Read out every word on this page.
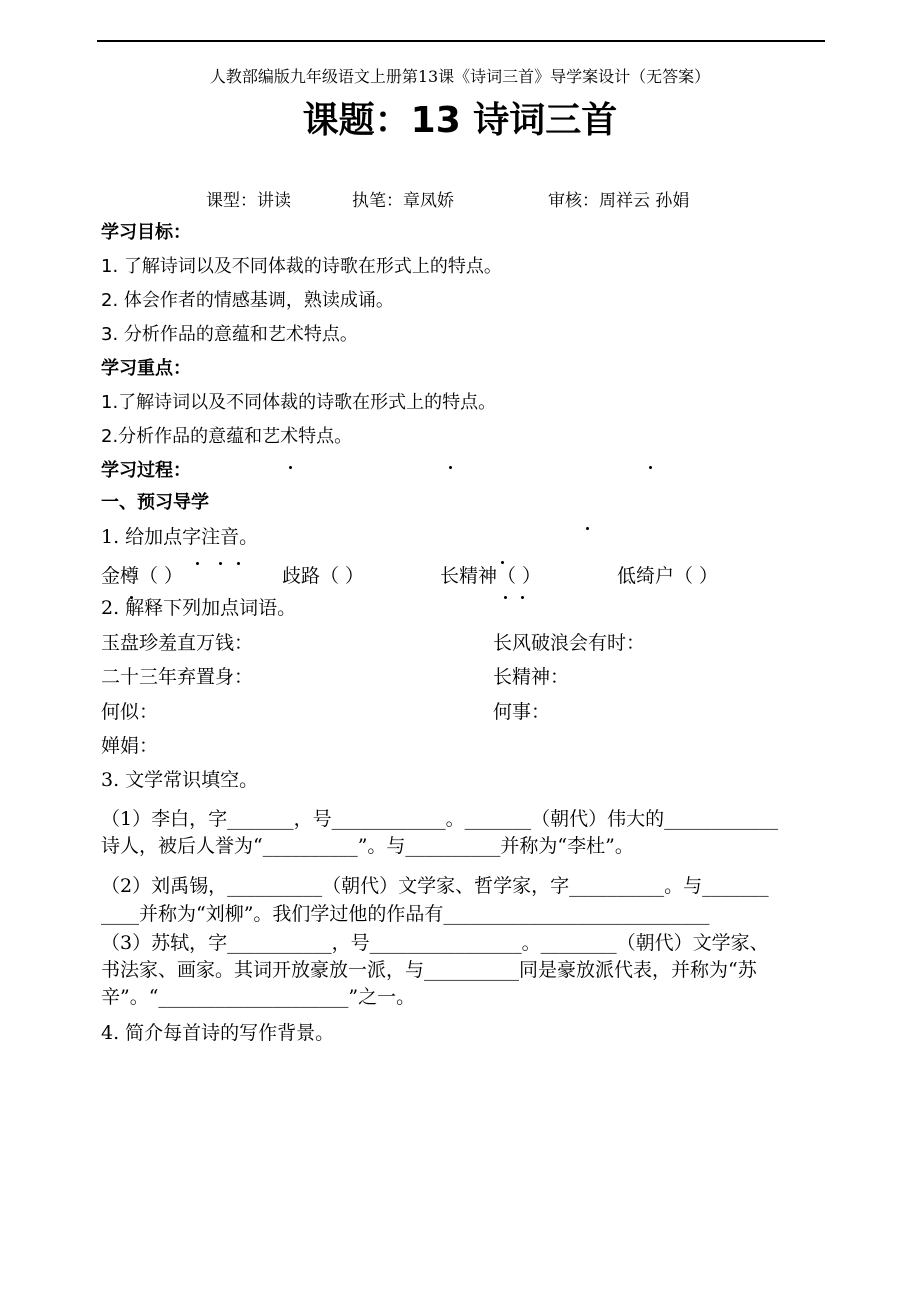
人教部编版九年级语文上册第13课《诗词三首》导学案设计（无答案）
课题：13 诗词三首
课型：讲读	执笔：章凤娇	审核：周祥云 孙娟
学习目标：
1. 了解诗词以及不同体裁的诗歌在形式上的特点。
2. 体会作者的情感基调，熟读成诵。
3. 分析作品的意蕴和艺术特点。
学习重点：
1.了解诗词以及不同体裁的诗歌在形式上的特点。
2.分析作品的意蕴和艺术特点。
学习过程：
一、预习导学
1. 给加点字注音。
金樽（ ）	歧路（ ）	长精神（ ）	低绮户（ ）
2. 解释下列加点词语。
玉盘珍羞直万钱：	长风破浪会有时：
二十三年弃置身：	长精神：
何似：	何事：
婵娟：
3. 文学常识填空。
（1）李白，字_______，号____________。_______（朝代）伟大的____________
诗人，被后人誉为“__________”。与__________并称为“李杜”。
（2）刘禹锡，__________（朝代）文学家、哲学家，字__________。与_______
____并称为“刘柳”。我们学过他的作品有____________________________
（3）苏轼，字___________，号________________。________（朝代）文学家、
书法家、画家。其词开放豪放一派，与__________同是豪放派代表，并称为“苏
辛”。“____________________”之一。
4. 简介每首诗的写作背景。
